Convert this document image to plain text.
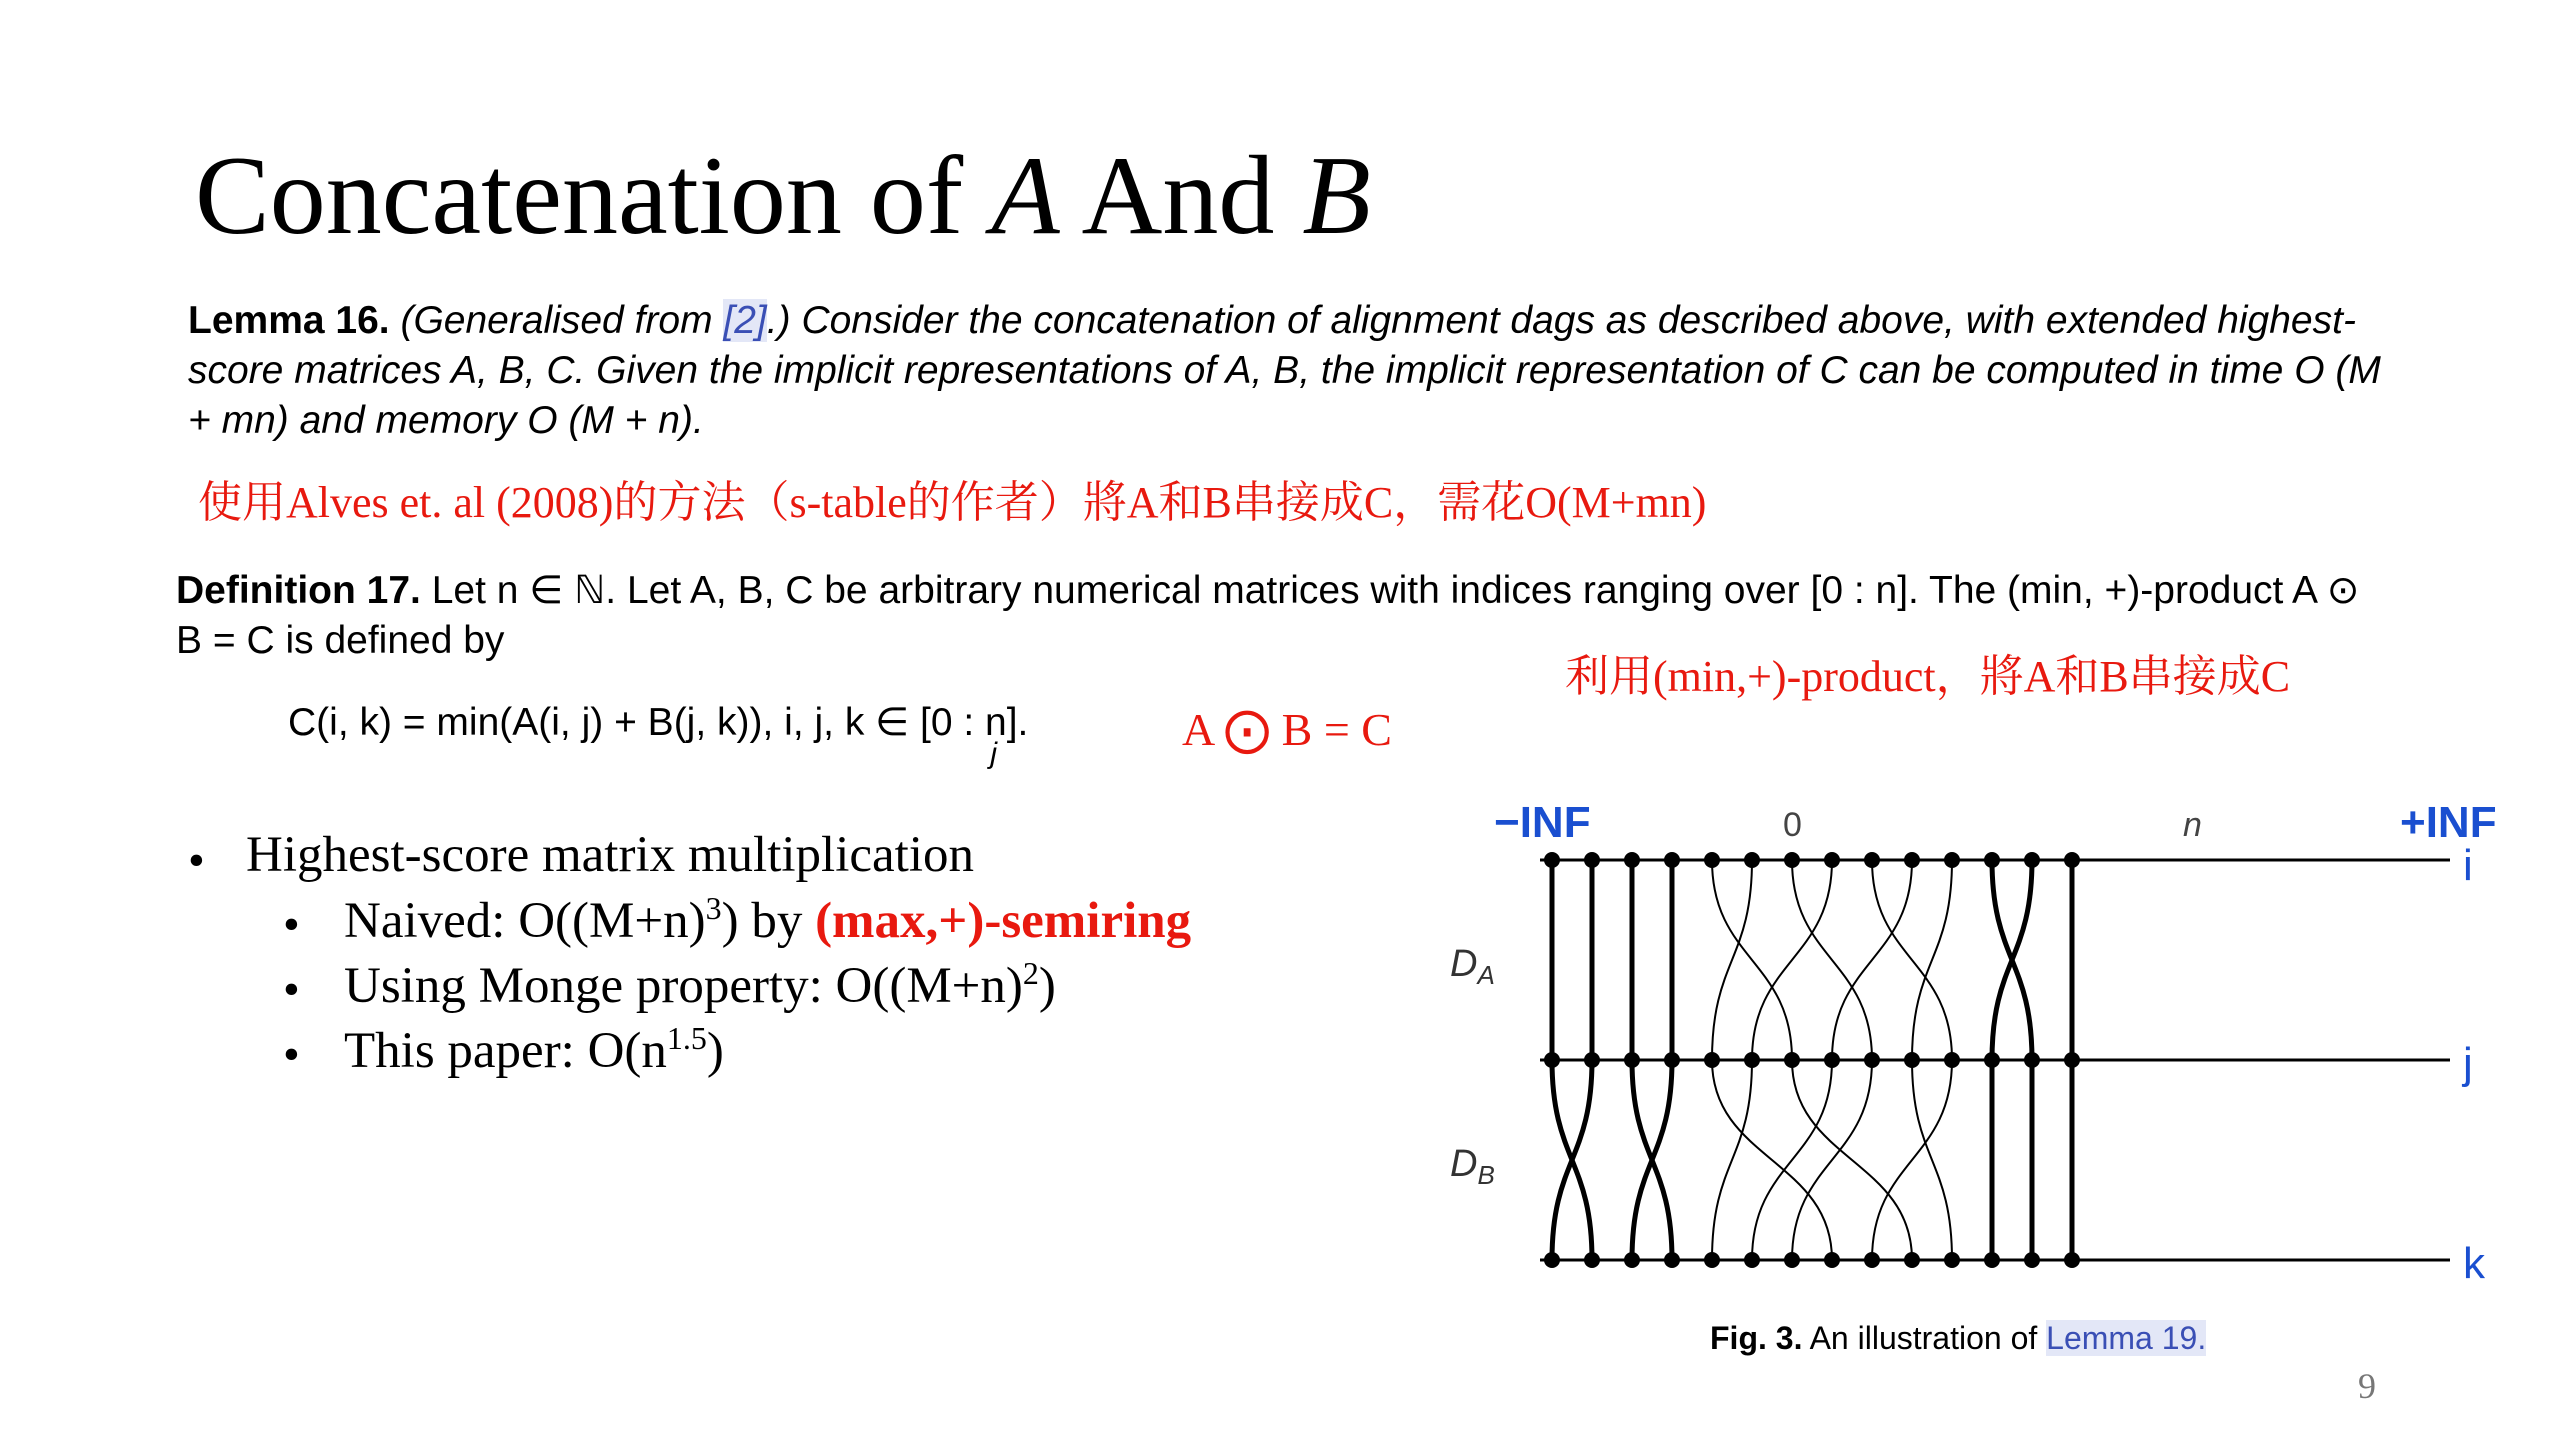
Concatenation of A And B
Lemma 16. (Generalised from [2].) Consider the concatenation of alignment dags as described above, with extended highest-score matrices A, B, C. Given the implicit representations of A, B, the implicit representation of C can be computed in time O (M + mn) and memory O (M + n).
使用Alves et. al (2008)的方法（s-table的作者）將A和B串接成C，需花O(M+mn)
Definition 17. Let n ∈ ℕ. Let A, B, C be arbitrary numerical matrices with indices ranging over [0 : n]. The (min, +)-product A ⊙ B = C is defined by
利用(min,+)-product，將A和B串接成C
C(i, k) = min(A(i, j) + B(j, k)), i, j, k ∈ [0 : $n]._j$	A ⨀ B = C
• Highest-score matrix multiplication
• Naived: $O((M+n)^3)$ by (max,+)-semiring
• Using Monge property: $O((M+n)^2)$
• This paper: $O(n^{1.5})$
−INF	+INF
i
j
k
0	n
$D_A$
$D_B$
Fig. 3. An illustration of Lemma 19.
9
